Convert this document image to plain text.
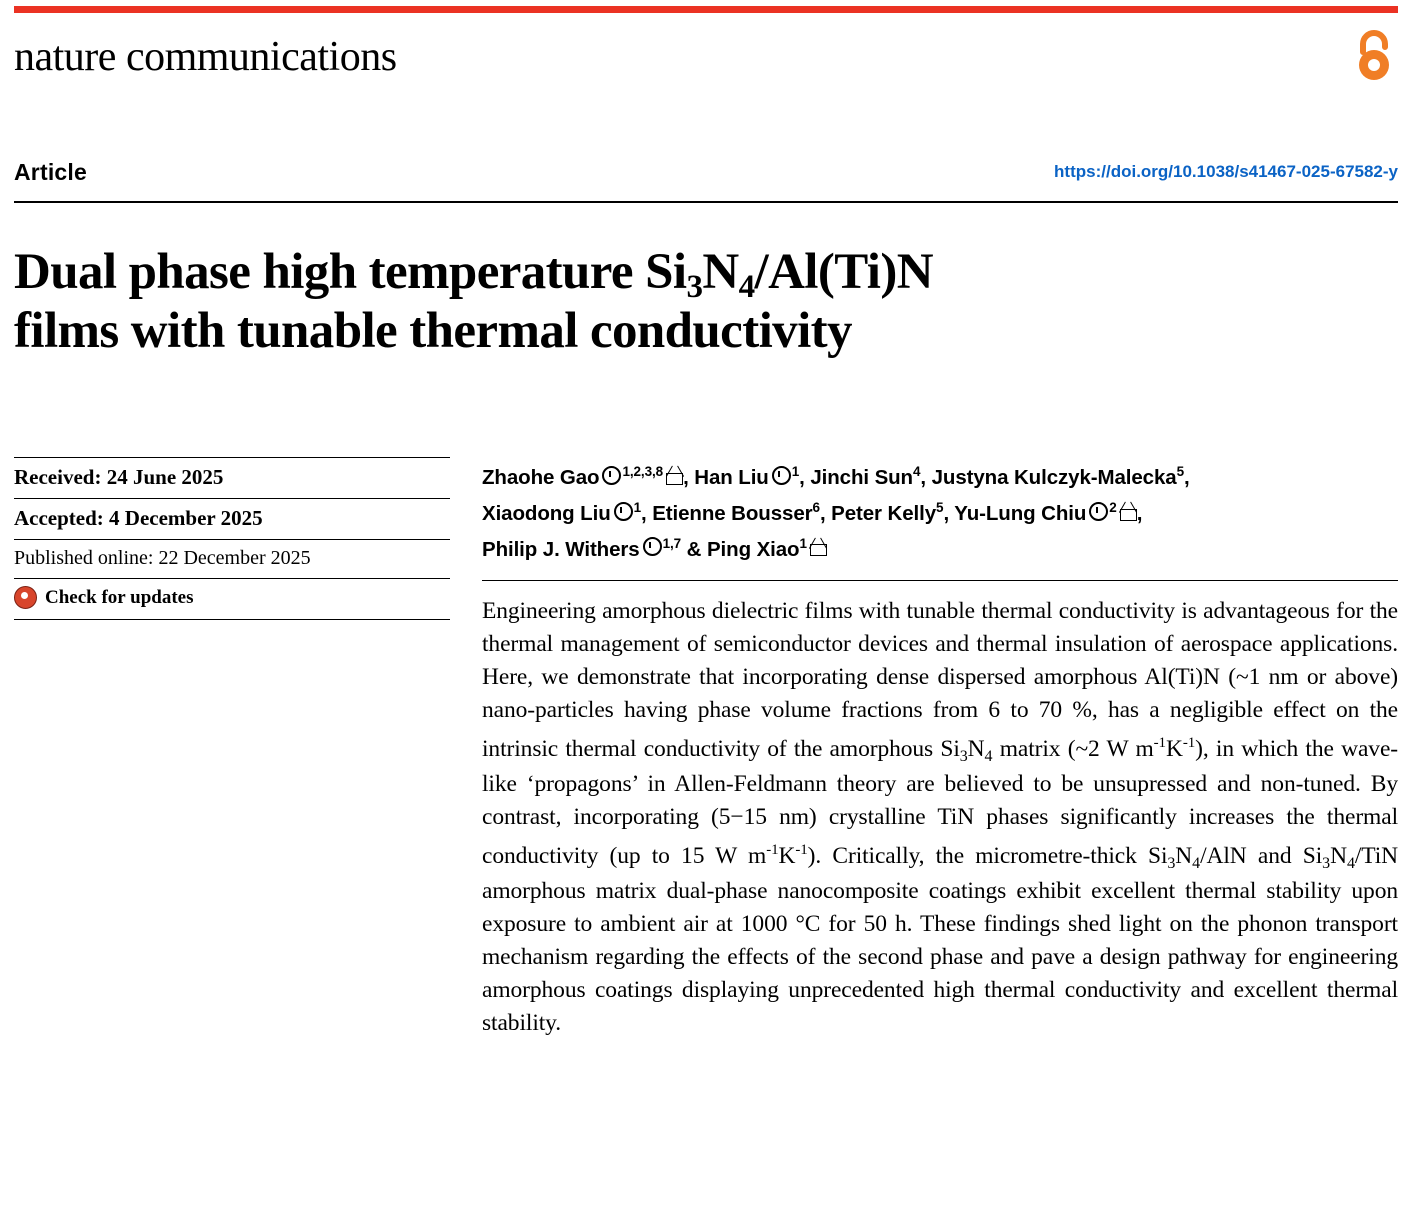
nature communications
Article	https://doi.org/10.1038/s41467-025-67582-y
Dual phase high temperature $Si_3N_4/Al(Ti)N$
films with tunable thermal conductivity
Received: 24 June 2025
Accepted: 4 December 2025
Published online: 22 December 2025
Check for updates
Zhaohe Gao $^{1,2,3,8}$ , Han Liu $^1$, Jinchi Sun$^4$, Justyna Kulczyk-Malecka$^5$,
Xiaodong Liu $^1$, Etienne Bousser$^6$, Peter Kelly$^5$, Yu-Lung Chiu $^2$ ,
Philip J. Withers $^{1,7}$ & Ping Xiao$^1$
Engineering amorphous dielectric films with tunable thermal conductivity is advantageous for the thermal management of semiconductor devices and thermal insulation of aerospace applications. Here, we demonstrate that incorporating dense dispersed amorphous Al(Ti)N (~1 nm or above) nano-particles having phase volume fractions from 6 to 70 %, has a negligible effect on the intrinsic thermal conductivity of the amorphous $Si_3N_4$ matrix (~2 W $m^{-1}K^{-1}$), in which the wave-like ‘propagons’ in Allen-Feldmann theory are believed to be unsupressed and non-tuned. By contrast, incorporating (5−15 nm) crystalline TiN phases significantly increases the thermal conductivity (up to 15 W $m^{-1}K^{-1}$). Critically, the micrometre-thick $Si_3N_4$/AlN and $Si_3N_4$/TiN amorphous matrix dual-phase nanocomposite coatings exhibit excellent thermal stability upon exposure to ambient air at 1000 °C for 50 h. These findings shed light on the phonon transport mechanism regarding the effects of the second phase and pave a design pathway for engineering amorphous coatings displaying unprecedented high thermal conductivity and excellent thermal stability.
